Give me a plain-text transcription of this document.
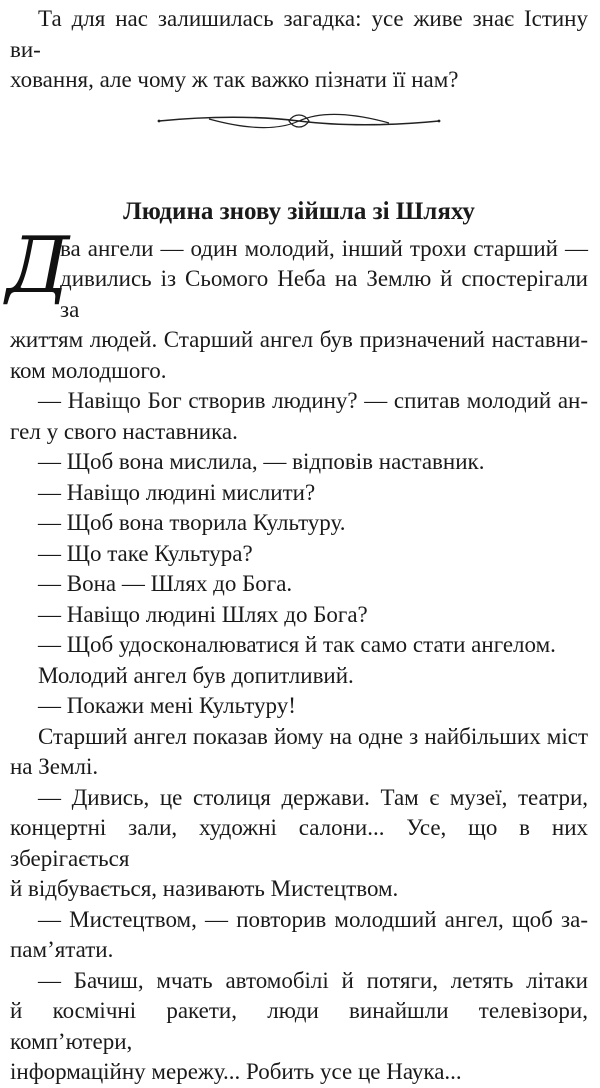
Та для нас залишилась загадка: усе живе знає Істину ви-

ховання, але чому ж так важко пізнати її нам?

Людина знову зійшла зі Шляху
Д

ва ангели — один молодий, інший трохи старший —

дивились із Сьомого Неба на Землю й спостерігали за

життям людей. Старший ангел був призначений наставни-

ком молодшого.

— Навіщо Бог створив людину? — спитав молодий ан-

гел у свого наставника.

— Щоб вона мислила, — відповів наставник.

— Навіщо людині мислити?

— Щоб вона творила Культуру.

— Що таке Культура?

— Вона — Шлях до Бога.

— Навіщо людині Шлях до Бога?

— Щоб удосконалюватися й так само стати ангелом.

Молодий ангел був допитливий.

— Покажи мені Культуру!

Старший ангел показав йому на одне з найбільших міст

на Землі.

— Дивись, це столиця держави. Там є музеї, театри,

концертні зали, художні салони... Усе, що в них зберігається

й відбувається, називають Мистецтвом.

— Мистецтвом, — повторив молодший ангел, щоб за-

пам’ятати.

— Бачиш, мчать автомобілі й потяги, летять літаки

й космічні ракети, люди винайшли телевізори, комп’ютери,

інформаційну мережу... Робить усе це Наука...
